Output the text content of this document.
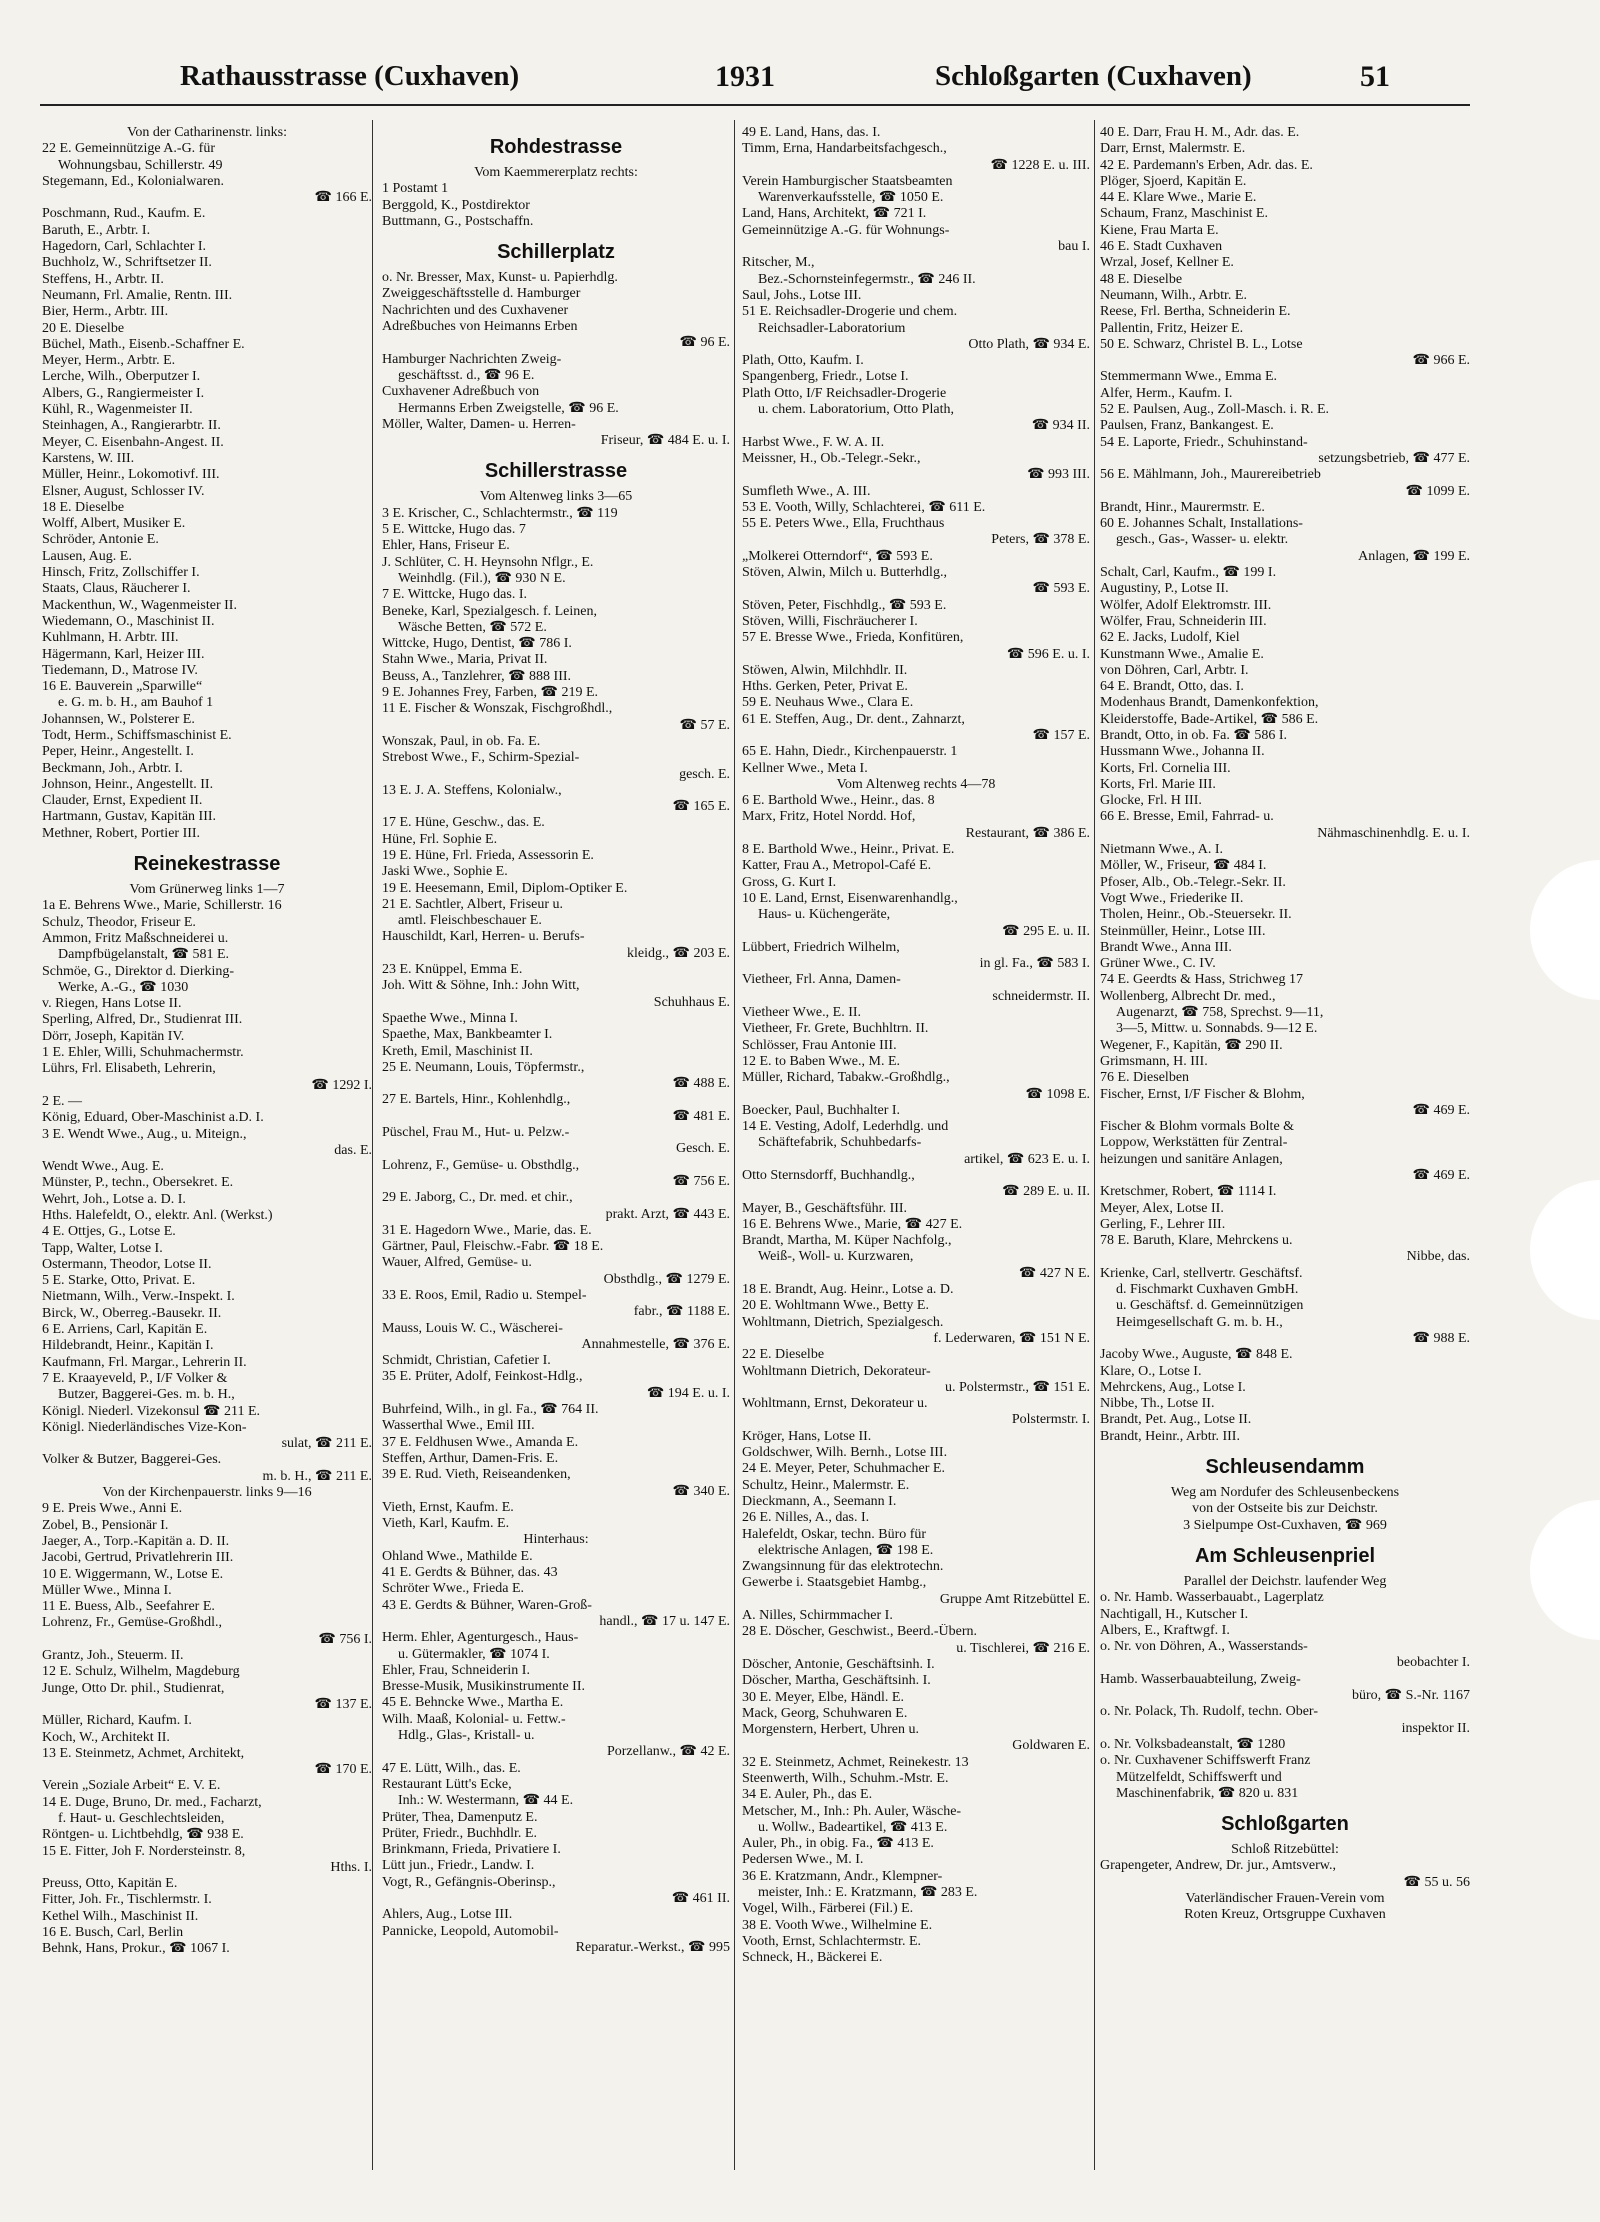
Rathausstrasse (Cuxhaven)	1931	Schloßgarten (Cuxhaven)	51
Von der Catharinenstr. links:
22 E. Gemeinnützige A.-G. für
Wohnungsbau, Schillerstr. 49
Stegemann, Ed., Kolonialwaren.
☎ 166 E.
Poschmann, Rud., Kaufm. E.
Baruth, E., Arbtr. I.
Hagedorn, Carl, Schlachter I.
Buchholz, W., Schriftsetzer II.
Steffens, H., Arbtr. II.
Neumann, Frl. Amalie, Rentn. III.
Bier, Herm., Arbtr. III.
20 E. Dieselbe
Büchel, Math., Eisenb.-Schaffner E.
Meyer, Herm., Arbtr. E.
Lerche, Wilh., Oberputzer I.
Albers, G., Rangiermeister I.
Kühl, R., Wagenmeister II.
Steinhagen, A., Rangierarbtr. II.
Meyer, C. Eisenbahn-Angest. II.
Karstens, W. III.
Müller, Heinr., Lokomotivf. III.
Elsner, August, Schlosser IV.
18 E. Dieselbe
Wolff, Albert, Musiker E.
Schröder, Antonie E.
Lausen, Aug. E.
Hinsch, Fritz, Zollschiffer I.
Staats, Claus, Räucherer I.
Mackenthun, W., Wagenmeister II.
Wiedemann, O., Maschinist II.
Kuhlmann, H. Arbtr. III.
Hägermann, Karl, Heizer III.
Tiedemann, D., Matrose IV.
16 E. Bauverein „Sparwille“
e. G. m. b. H., am Bauhof 1
Johannsen, W., Polsterer E.
Todt, Herm., Schiffsmaschinist E.
Peper, Heinr., Angestellt. I.
Beckmann, Joh., Arbtr. I.
Johnson, Heinr., Angestellt. II.
Clauder, Ernst, Expedient II.
Hartmann, Gustav, Kapitän III.
Methner, Robert, Portier III.
Reinekestrasse
Vom Grünerweg links 1—7
1a E. Behrens Wwe., Marie, Schillerstr. 16
Schulz, Theodor, Friseur E.
Ammon, Fritz Maßschneiderei u.
Dampfbügelanstalt, ☎ 581 E.
Schmöe, G., Direktor d. Dierking-
Werke, A.-G., ☎ 1030
v. Riegen, Hans Lotse II.
Sperling, Alfred, Dr., Studienrat III.
Dörr, Joseph, Kapitän IV.
1 E. Ehler, Willi, Schuhmachermstr.
Lührs, Frl. Elisabeth, Lehrerin,
☎ 1292 I.
2 E. —
König, Eduard, Ober-Maschinist a.D. I.
3 E. Wendt Wwe., Aug., u. Miteign.,
das. E.
Wendt Wwe., Aug. E.
Münster, P., techn., Obersekret. E.
Wehrt, Joh., Lotse a. D. I.
Hths. Halefeldt, O., elektr. Anl. (Werkst.)
4 E. Ottjes, G., Lotse E.
Tapp, Walter, Lotse I.
Ostermann, Theodor, Lotse II.
5 E. Starke, Otto, Privat. E.
Nietmann, Wilh., Verw.-Inspekt. I.
Birck, W., Oberreg.-Bausekr. II.
6 E. Arriens, Carl, Kapitän E.
Hildebrandt, Heinr., Kapitän I.
Kaufmann, Frl. Margar., Lehrerin II.
7 E. Kraayeveld, P., I/F Volker &
Butzer, Baggerei-Ges. m. b. H.,
Königl. Niederl. Vizekonsul ☎ 211 E.
Königl. Niederländisches Vize-Kon-
sulat, ☎ 211 E.
Volker & Butzer, Baggerei-Ges.
m. b. H., ☎ 211 E.
Von der Kirchenpauerstr. links 9—16
9 E. Preis Wwe., Anni E.
Zobel, B., Pensionär I.
Jaeger, A., Torp.-Kapitän a. D. II.
Jacobi, Gertrud, Privatlehrerin III.
10 E. Wiggermann, W., Lotse E.
Müller Wwe., Minna I.
11 E. Buess, Alb., Seefahrer E.
Lohrenz, Fr., Gemüse-Großhdl.,
☎ 756 I.
Grantz, Joh., Steuerm. II.
12 E. Schulz, Wilhelm, Magdeburg
Junge, Otto Dr. phil., Studienrat,
☎ 137 E.
Müller, Richard, Kaufm. I.
Koch, W., Architekt II.
13 E. Steinmetz, Achmet, Architekt,
☎ 170 E.
Verein „Soziale Arbeit“ E. V. E.
14 E. Duge, Bruno, Dr. med., Facharzt,
f. Haut- u. Geschlechtsleiden,
Röntgen- u. Lichtbehdlg, ☎ 938 E.
15 E. Fitter, Joh F. Nordersteinstr. 8,
Hths. I.
Preuss, Otto, Kapitän E.
Fitter, Joh. Fr., Tischlermstr. I.
Kethel Wilh., Maschinist II.
16 E. Busch, Carl, Berlin
Behnk, Hans, Prokur., ☎ 1067 I.
Rohdestrasse
Vom Kaemmererplatz rechts:
1 Postamt 1
Berggold, K., Postdirektor
Buttmann, G., Postschaffn.
Schillerplatz
o. Nr. Bresser, Max, Kunst- u. Papierhdlg.
Zweiggeschäftsstelle d. Hamburger
Nachrichten und des Cuxhavener
Adreßbuches von Heimanns Erben
☎ 96 E.
Hamburger Nachrichten Zweig-
geschäftsst. d., ☎ 96 E.
Cuxhavener Adreßbuch von
Hermanns Erben Zweigstelle, ☎ 96 E.
Möller, Walter, Damen- u. Herren-
Friseur, ☎ 484 E. u. I.
Schillerstrasse
Vom Altenweg links 3—65
3 E. Krischer, C., Schlachtermstr., ☎ 119
5 E. Wittcke, Hugo das. 7
Ehler, Hans, Friseur E.
J. Schlüter, C. H. Heynsohn Nflgr., E.
Weinhdlg. (Fil.), ☎ 930 N E.
7 E. Wittcke, Hugo das. I.
Beneke, Karl, Spezialgesch. f. Leinen,
Wäsche Betten, ☎ 572 E.
Wittcke, Hugo, Dentist, ☎ 786 I.
Stahn Wwe., Maria, Privat II.
Beuss, A., Tanzlehrer, ☎ 888 III.
9 E. Johannes Frey, Farben, ☎ 219 E.
11 E. Fischer & Wonszak, Fischgroßhdl.,
☎ 57 E.
Wonszak, Paul, in ob. Fa. E.
Strebost Wwe., F., Schirm-Spezial-
gesch. E.
13 E. J. A. Steffens, Kolonialw.,
☎ 165 E.
17 E. Hüne, Geschw., das. E.
Hüne, Frl. Sophie E.
19 E. Hüne, Frl. Frieda, Assessorin E.
Jaski Wwe., Sophie E.
19 E. Heesemann, Emil, Diplom-Optiker E.
21 E. Sachtler, Albert, Friseur u.
amtl. Fleischbeschauer E.
Hauschildt, Karl, Herren- u. Berufs-
kleidg., ☎ 203 E.
23 E. Knüppel, Emma E.
Joh. Witt & Söhne, Inh.: John Witt,
Schuhhaus E.
Spaethe Wwe., Minna I.
Spaethe, Max, Bankbeamter I.
Kreth, Emil, Maschinist II.
25 E. Neumann, Louis, Töpfermstr.,
☎ 488 E.
27 E. Bartels, Hinr., Kohlenhdlg.,
☎ 481 E.
Püschel, Frau M., Hut- u. Pelzw.-
Gesch. E.
Lohrenz, F., Gemüse- u. Obsthdlg.,
☎ 756 E.
29 E. Jaborg, C., Dr. med. et chir.,
prakt. Arzt, ☎ 443 E.
31 E. Hagedorn Wwe., Marie, das. E.
Gärtner, Paul, Fleischw.-Fabr. ☎ 18 E.
Wauer, Alfred, Gemüse- u.
Obsthdlg., ☎ 1279 E.
33 E. Roos, Emil, Radio u. Stempel-
fabr., ☎ 1188 E.
Mauss, Louis W. C., Wäscherei-
Annahmestelle, ☎ 376 E.
Schmidt, Christian, Cafetier I.
35 E. Prüter, Adolf, Feinkost-Hdlg.,
☎ 194 E. u. I.
Buhrfeind, Wilh., in gl. Fa., ☎ 764 II.
Wasserthal Wwe., Emil III.
37 E. Feldhusen Wwe., Amanda E.
Steffen, Arthur, Damen-Fris. E.
39 E. Rud. Vieth, Reiseandenken,
☎ 340 E.
Vieth, Ernst, Kaufm. E.
Vieth, Karl, Kaufm. E.
Hinterhaus:
Ohland Wwe., Mathilde E.
41 E. Gerdts & Bühner, das. 43
Schröter Wwe., Frieda E.
43 E. Gerdts & Bühner, Waren-Groß-
handl., ☎ 17 u. 147 E.
Herm. Ehler, Agenturgesch., Haus-
u. Gütermakler, ☎ 1074 I.
Ehler, Frau, Schneiderin I.
Bresse-Musik, Musikinstrumente II.
45 E. Behncke Wwe., Martha E.
Wilh. Maaß, Kolonial- u. Fettw.-
Hdlg., Glas-, Kristall- u.
Porzellanw., ☎ 42 E.
47 E. Lütt, Wilh., das. E.
Restaurant Lütt's Ecke,
Inh.: W. Westermann, ☎ 44 E.
Prüter, Thea, Damenputz E.
Prüter, Friedr., Buchhdlr. E.
Brinkmann, Frieda, Privatiere I.
Lütt jun., Friedr., Landw. I.
Vogt, R., Gefängnis-Oberinsp.,
☎ 461 II.
Ahlers, Aug., Lotse III.
Pannicke, Leopold, Automobil-
Reparatur.-Werkst., ☎ 995
49 E. Land, Hans, das. I.
Timm, Erna, Handarbeitsfachgesch.,
☎ 1228 E. u. III.
Verein Hamburgischer Staatsbeamten
Warenverkaufsstelle, ☎ 1050 E.
Land, Hans, Architekt, ☎ 721 I.
Gemeinnützige A.-G. für Wohnungs-
bau I.
Ritscher, M.,
Bez.-Schornsteinfegermstr., ☎ 246 II.
Saul, Johs., Lotse III.
51 E. Reichsadler-Drogerie und chem.
Reichsadler-Laboratorium
Otto Plath, ☎ 934 E.
Plath, Otto, Kaufm. I.
Spangenberg, Friedr., Lotse I.
Plath Otto, I/F Reichsadler-Drogerie
u. chem. Laboratorium, Otto Plath,
☎ 934 II.
Harbst Wwe., F. W. A. II.
Meissner, H., Ob.-Telegr.-Sekr.,
☎ 993 III.
Sumfleth Wwe., A. III.
53 E. Vooth, Willy, Schlachterei, ☎ 611 E.
55 E. Peters Wwe., Ella, Fruchthaus
Peters, ☎ 378 E.
„Molkerei Otterndorf“, ☎ 593 E.
Stöven, Alwin, Milch u. Butterhdlg.,
☎ 593 E.
Stöven, Peter, Fischhdlg., ☎ 593 E.
Stöven, Willi, Fischräucherer I.
57 E. Bresse Wwe., Frieda, Konfitüren,
☎ 596 E. u. I.
Stöwen, Alwin, Milchhdlr. II.
Hths. Gerken, Peter, Privat E.
59 E. Neuhaus Wwe., Clara E.
61 E. Steffen, Aug., Dr. dent., Zahnarzt,
☎ 157 E.
65 E. Hahn, Diedr., Kirchenpauerstr. 1
Kellner Wwe., Meta I.
Vom Altenweg rechts 4—78
6 E. Barthold Wwe., Heinr., das. 8
Marx, Fritz, Hotel Nordd. Hof,
Restaurant, ☎ 386 E.
8 E. Barthold Wwe., Heinr., Privat. E.
Katter, Frau A., Metropol-Café E.
Gross, G. Kurt I.
10 E. Land, Ernst, Eisenwarenhandlg.,
Haus- u. Küchengeräte,
☎ 295 E. u. II.
Lübbert, Friedrich Wilhelm,
in gl. Fa., ☎ 583 I.
Vietheer, Frl. Anna, Damen-
schneidermstr. II.
Vietheer Wwe., E. II.
Vietheer, Fr. Grete, Buchhltrn. II.
Schlösser, Frau Antonie III.
12 E. to Baben Wwe., M. E.
Müller, Richard, Tabakw.-Großhdlg.,
☎ 1098 E.
Boecker, Paul, Buchhalter I.
14 E. Vesting, Adolf, Lederhdlg. und
Schäftefabrik, Schuhbedarfs-
artikel, ☎ 623 E. u. I.
Otto Sternsdorff, Buchhandlg.,
☎ 289 E. u. II.
Mayer, B., Geschäftsführ. III.
16 E. Behrens Wwe., Marie, ☎ 427 E.
Brandt, Martha, M. Küper Nachfolg.,
Weiß-, Woll- u. Kurzwaren,
☎ 427 N E.
18 E. Brandt, Aug. Heinr., Lotse a. D.
20 E. Wohltmann Wwe., Betty E.
Wohltmann, Dietrich, Spezialgesch.
f. Lederwaren, ☎ 151 N E.
22 E. Dieselbe
Wohltmann Dietrich, Dekorateur-
u. Polstermstr., ☎ 151 E.
Wohltmann, Ernst, Dekorateur u.
Polstermstr. I.
Kröger, Hans, Lotse II.
Goldschwer, Wilh. Bernh., Lotse III.
24 E. Meyer, Peter, Schuhmacher E.
Schultz, Heinr., Malermstr. E.
Dieckmann, A., Seemann I.
26 E. Nilles, A., das. I.
Halefeldt, Oskar, techn. Büro für
elektrische Anlagen, ☎ 198 E.
Zwangsinnung für das elektrotechn.
Gewerbe i. Staatsgebiet Hambg.,
Gruppe Amt Ritzebüttel E.
A. Nilles, Schirmmacher I.
28 E. Döscher, Geschwist., Beerd.-Übern.
u. Tischlerei, ☎ 216 E.
Döscher, Antonie, Geschäftsinh. I.
Döscher, Martha, Geschäftsinh. I.
30 E. Meyer, Elbe, Händl. E.
Mack, Georg, Schuhwaren E.
Morgenstern, Herbert, Uhren u.
Goldwaren E.
32 E. Steinmetz, Achmet, Reinekestr. 13
Steenwerth, Wilh., Schuhm.-Mstr. E.
34 E. Auler, Ph., das E.
Metscher, M., Inh.: Ph. Auler, Wäsche-
u. Wollw., Badeartikel, ☎ 413 E.
Auler, Ph., in obig. Fa., ☎ 413 E.
Pedersen Wwe., M. I.
36 E. Kratzmann, Andr., Klempner-
meister, Inh.: E. Kratzmann, ☎ 283 E.
Vogel, Wilh., Färberei (Fil.) E.
38 E. Vooth Wwe., Wilhelmine E.
Vooth, Ernst, Schlachtermstr. E.
Schneck, H., Bäckerei E.
40 E. Darr, Frau H. M., Adr. das. E.
Darr, Ernst, Malermstr. E.
42 E. Pardemann's Erben, Adr. das. E.
Plöger, Sjoerd, Kapitän E.
44 E. Klare Wwe., Marie E.
Schaum, Franz, Maschinist E.
Kiene, Frau Marta E.
46 E. Stadt Cuxhaven
Wrzal, Josef, Kellner E.
48 E. Dieselbe
Neumann, Wilh., Arbtr. E.
Reese, Frl. Bertha, Schneiderin E.
Pallentin, Fritz, Heizer E.
50 E. Schwarz, Christel B. L., Lotse
☎ 966 E.
Stemmermann Wwe., Emma E.
Alfer, Herm., Kaufm. I.
52 E. Paulsen, Aug., Zoll-Masch. i. R. E.
Paulsen, Franz, Bankangest. E.
54 E. Laporte, Friedr., Schuhinstand-
setzungsbetrieb, ☎ 477 E.
56 E. Mählmann, Joh., Maurereibetrieb
☎ 1099 E.
Brandt, Hinr., Maurermstr. E.
60 E. Johannes Schalt, Installations-
gesch., Gas-, Wasser- u. elektr.
Anlagen, ☎ 199 E.
Schalt, Carl, Kaufm., ☎ 199 I.
Augustiny, P., Lotse II.
Wölfer, Adolf Elektromstr. III.
Wölfer, Frau, Schneiderin III.
62 E. Jacks, Ludolf, Kiel
Kunstmann Wwe., Amalie E.
von Döhren, Carl, Arbtr. I.
64 E. Brandt, Otto, das. I.
Modenhaus Brandt, Damenkonfektion,
Kleiderstoffe, Bade-Artikel, ☎ 586 E.
Brandt, Otto, in ob. Fa. ☎ 586 I.
Hussmann Wwe., Johanna II.
Korts, Frl. Cornelia III.
Korts, Frl. Marie III.
Glocke, Frl. H III.
66 E. Bresse, Emil, Fahrrad- u.
Nähmaschinenhdlg. E. u. I.
Nietmann Wwe., A. I.
Möller, W., Friseur, ☎ 484 I.
Pfoser, Alb., Ob.-Telegr.-Sekr. II.
Vogt Wwe., Friederike II.
Tholen, Heinr., Ob.-Steuersekr. II.
Steinmüller, Heinr., Lotse III.
Brandt Wwe., Anna III.
Grüner Wwe., C. IV.
74 E. Geerdts & Hass, Strichweg 17
Wollenberg, Albrecht Dr. med.,
Augenarzt, ☎ 758, Sprechst. 9—11,
3—5, Mittw. u. Sonnabds. 9—12 E.
Wegener, F., Kapitän, ☎ 290 II.
Grimsmann, H. III.
76 E. Dieselben
Fischer, Ernst, I/F Fischer & Blohm,
☎ 469 E.
Fischer & Blohm vormals Bolte &
Loppow, Werkstätten für Zentral-
heizungen und sanitäre Anlagen,
☎ 469 E.
Kretschmer, Robert, ☎ 1114 I.
Meyer, Alex, Lotse II.
Gerling, F., Lehrer III.
78 E. Baruth, Klare, Mehrckens u.
Nibbe, das.
Krienke, Carl, stellvertr. Geschäftsf.
d. Fischmarkt Cuxhaven GmbH.
u. Geschäftsf. d. Gemeinnützigen
Heimgesellschaft G. m. b. H.,
☎ 988 E.
Jacoby Wwe., Auguste, ☎ 848 E.
Klare, O., Lotse I.
Mehrckens, Aug., Lotse I.
Nibbe, Th., Lotse II.
Brandt, Pet. Aug., Lotse II.
Brandt, Heinr., Arbtr. III.
Schleusendamm
Weg am Nordufer des Schleusenbeckens
von der Ostseite bis zur Deichstr.
3 Sielpumpe Ost-Cuxhaven, ☎ 969
Am Schleusenpriel
Parallel der Deichstr. laufender Weg
o. Nr. Hamb. Wasserbauabt., Lagerplatz
Nachtigall, H., Kutscher I.
Albers, E., Kraftwgf. I.
o. Nr. von Döhren, A., Wasserstands-
beobachter I.
Hamb. Wasserbauabteilung, Zweig-
büro, ☎ S.-Nr. 1167
o. Nr. Polack, Th. Rudolf, techn. Ober-
inspektor II.
o. Nr. Volksbadeanstalt, ☎ 1280
o. Nr. Cuxhavener Schiffswerft Franz
Mützelfeldt, Schiffswerft und
Maschinenfabrik, ☎ 820 u. 831
Schloßgarten
Schloß Ritzebüttel:
Grapengeter, Andrew, Dr. jur., Amtsverw.,
☎ 55 u. 56
Vaterländischer Frauen-Verein vom
Roten Kreuz, Ortsgruppe Cuxhaven
